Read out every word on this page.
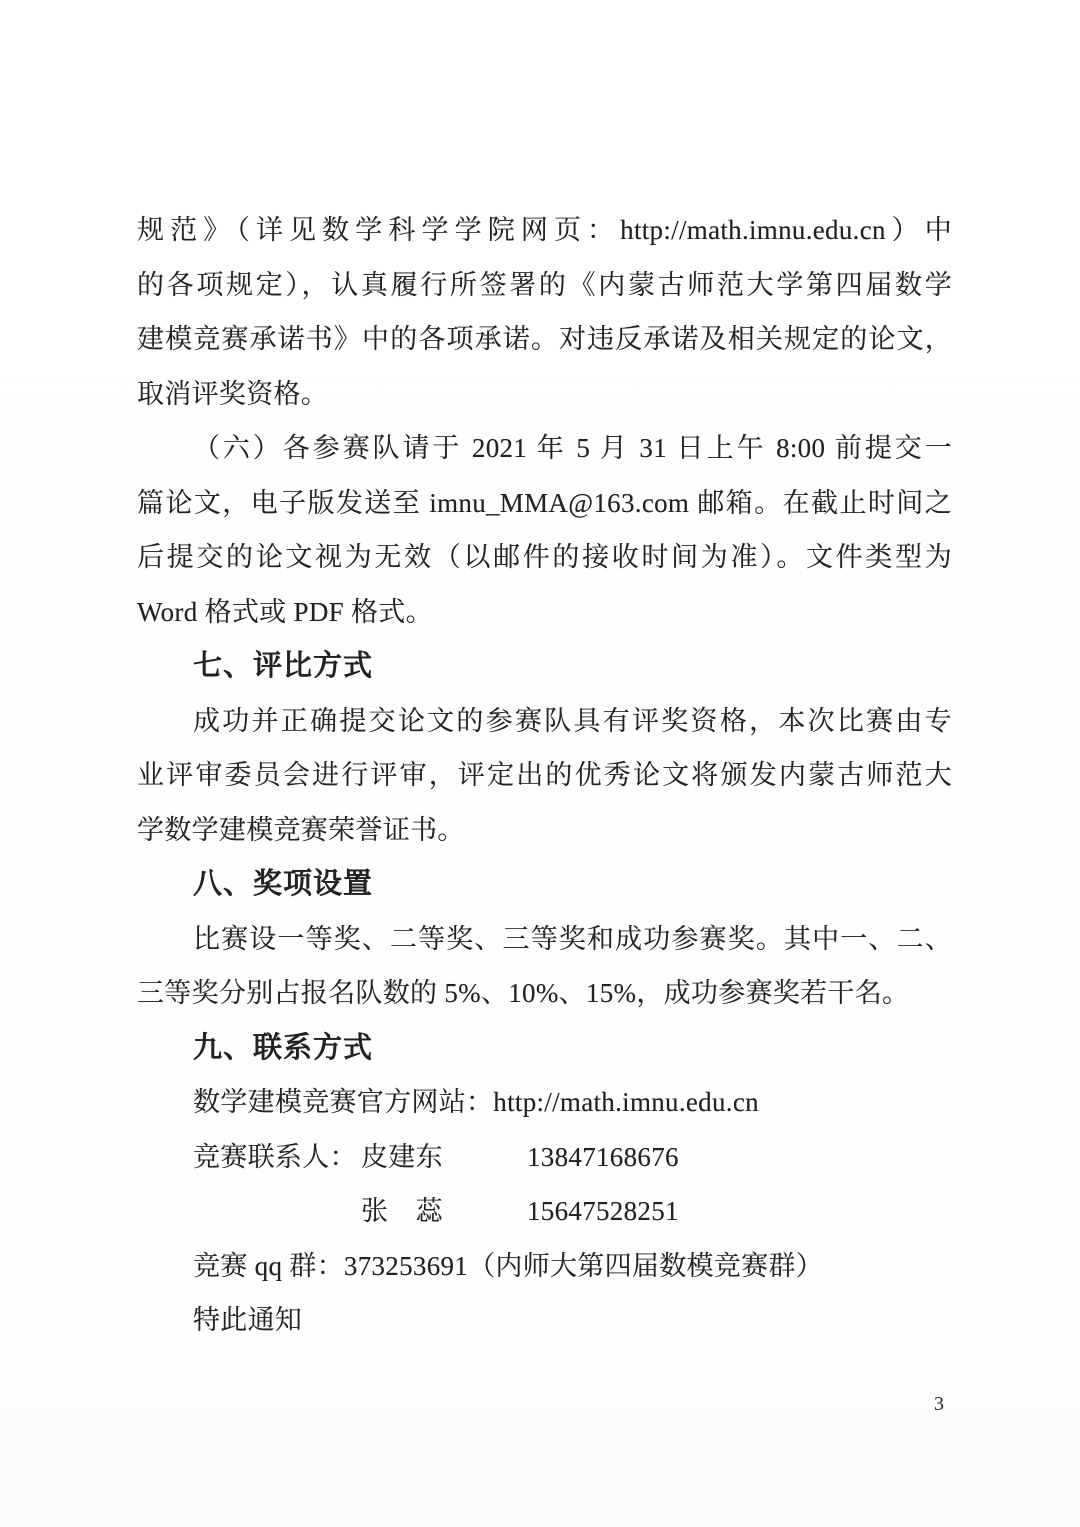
规范》（详见数学科学学院网页：http://math.imnu.edu.cn）中
的各项规定），认真履行所签署的《内蒙古师范大学第四届数学
建模竞赛承诺书》中的各项承诺。对违反承诺及相关规定的论文，
取消评奖资格。
（六）各参赛队请于 2021 年 5 月 31 日上午 8:00 前提交一
篇论文，电子版发送至 imnu_MMA@163.com 邮箱。在截止时间之
后提交的论文视为无效（以邮件的接收时间为准）。文件类型为
Word 格式或 PDF 格式。
七、评比方式
成功并正确提交论文的参赛队具有评奖资格，本次比赛由专
业评审委员会进行评审，评定出的优秀论文将颁发内蒙古师范大
学数学建模竞赛荣誉证书。
八、奖项设置
比赛设一等奖、二等奖、三等奖和成功参赛奖。其中一、二、
三等奖分别占报名队数的 5%、10%、15%，成功参赛奖若干名。
九、联系方式
数学建模竞赛官方网站：http://math.imnu.edu.cn
竞赛联系人： 皮建东	13847168676
张　蕊	15647528251
竞赛 qq 群：373253691（内师大第四届数模竞赛群）
特此通知
3
